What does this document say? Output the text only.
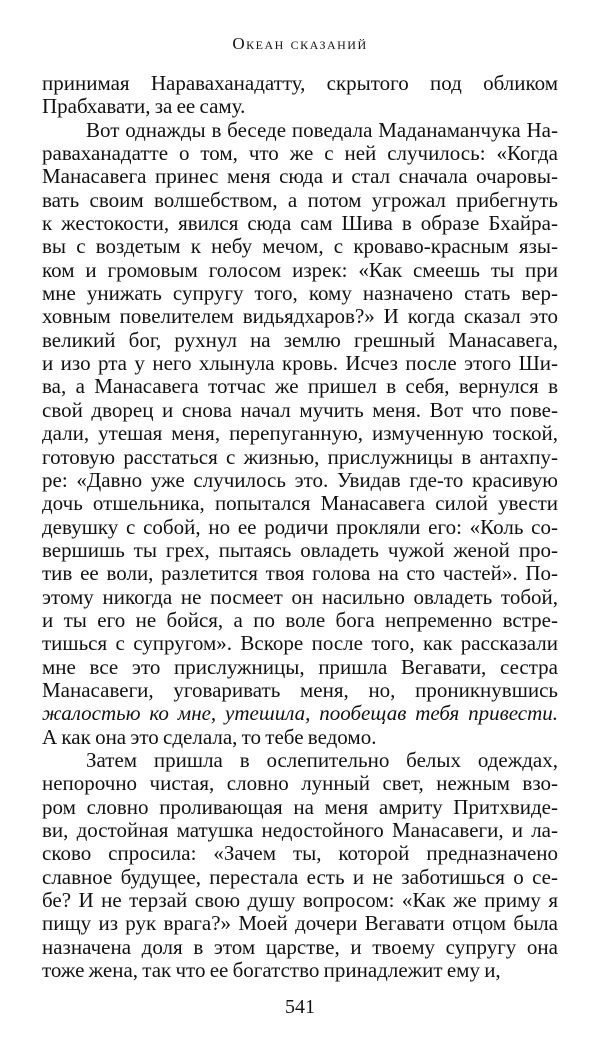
Океан сказаний
принимая Нараваханадатту, скрытого под обликом
Прабхавати, за ее саму.
Вот однажды в беседе поведала Маданаманчука На-
раваханадатте о том, что же с ней случилось: «Когда
Манасавега принес меня сюда и стал сначала очаровы-
вать своим волшебством, а потом угрожал прибегнуть
к жестокости, явился сюда сам Шива в образе Бхайра-
вы с воздетым к небу мечом, с кроваво-красным язы-
ком и громовым голосом изрек: «Как смеешь ты при
мне унижать супругу того, кому назначено стать вер-
ховным повелителем видьядхаров?» И когда сказал это
великий бог, рухнул на землю грешный Манасавега,
и изо рта у него хлынула кровь. Исчез после этого Ши-
ва, а Манасавега тотчас же пришел в себя, вернулся в
свой дворец и снова начал мучить меня. Вот что пове-
дали, утешая меня, перепуганную, измученную тоской,
готовую расстаться с жизнью, прислужницы в антахпу-
ре: «Давно уже случилось это. Увидав где-то красивую
дочь отшельника, попытался Манасавега силой увести
девушку с собой, но ее родичи прокляли его: «Коль со-
вершишь ты грех, пытаясь овладеть чужой женой про-
тив ее воли, разлетится твоя голова на сто частей». По-
этому никогда не посмеет он насильно овладеть тобой,
и ты его не бойся, а по воле бога непременно встре-
тишься с супругом». Вскоре после того, как рассказали
мне все это прислужницы, пришла Вегавати, сестра
Манасавеги, уговаривать меня, но, проникнувшись
жалостью ко мне, утешила, пообещав тебя привести.
А как она это сделала, то тебе ведомо.
Затем пришла в ослепительно белых одеждах,
непорочно чистая, словно лунный свет, нежным взо-
ром словно проливающая на меня амриту Притхвиде-
ви, достойная матушка недостойного Манасавеги, и ла-
сково спросила: «Зачем ты, которой предназначено
славное будущее, перестала есть и не заботишься о се-
бе? И не терзай свою душу вопросом: «Как же приму я
пищу из рук врага?» Моей дочери Вегавати отцом была
назначена доля в этом царстве, и твоему супругу она
тоже жена, так что ее богатство принадлежит ему и,
541
